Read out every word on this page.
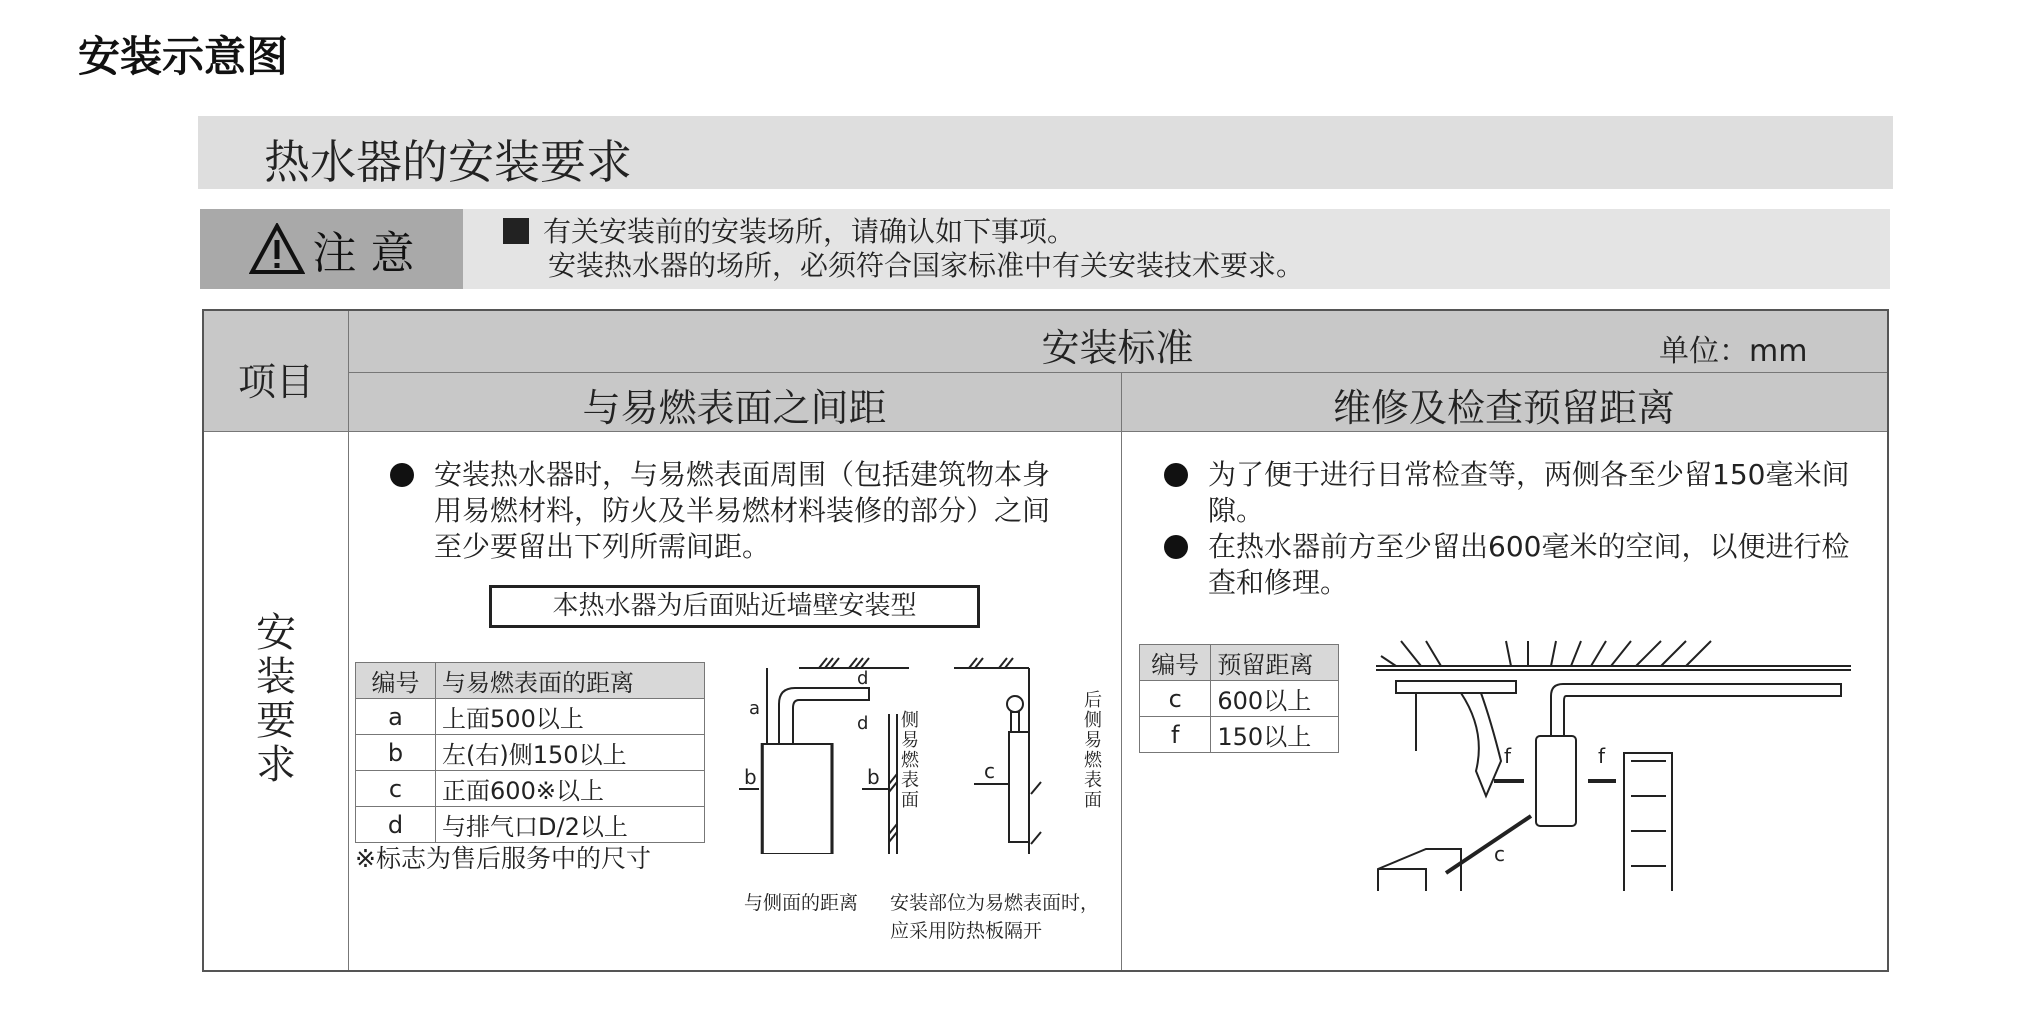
安装示意图
热水器的安装要求
注 意	有关安装前的安装场所，请确认如下事项。
安装热水器的场所，必须符合国家标准中有关安装技术要求。
项目
安装标准	单位：mm
与易燃表面之间距	维修及检查预留距离
安装要求
安装热水器时，与易燃表面周围（包括建筑物本身用易燃材料，防火及半易燃材料装修的部分）之间至少要留出下列所需间距。
本热水器为后面贴近墙壁安装型
编号	与易燃表面的距离
a	上面500以上
b	左(右)侧150以上
c	正面600※以上
d	与排气口D/2以上
※标志为售后服务中的尺寸
a
d
d
b	b
侧易燃表面
c
后侧易燃表面
与侧面的距离 安装部位为易燃表面时，
应采用防热板隔开
为了便于进行日常检查等，两侧各至少留150毫米间隙。
在热水器前方至少留出600毫米的空间，以便进行检查和修理。
编号	预留距离
c	600以上
f	150以上
f	f
c
